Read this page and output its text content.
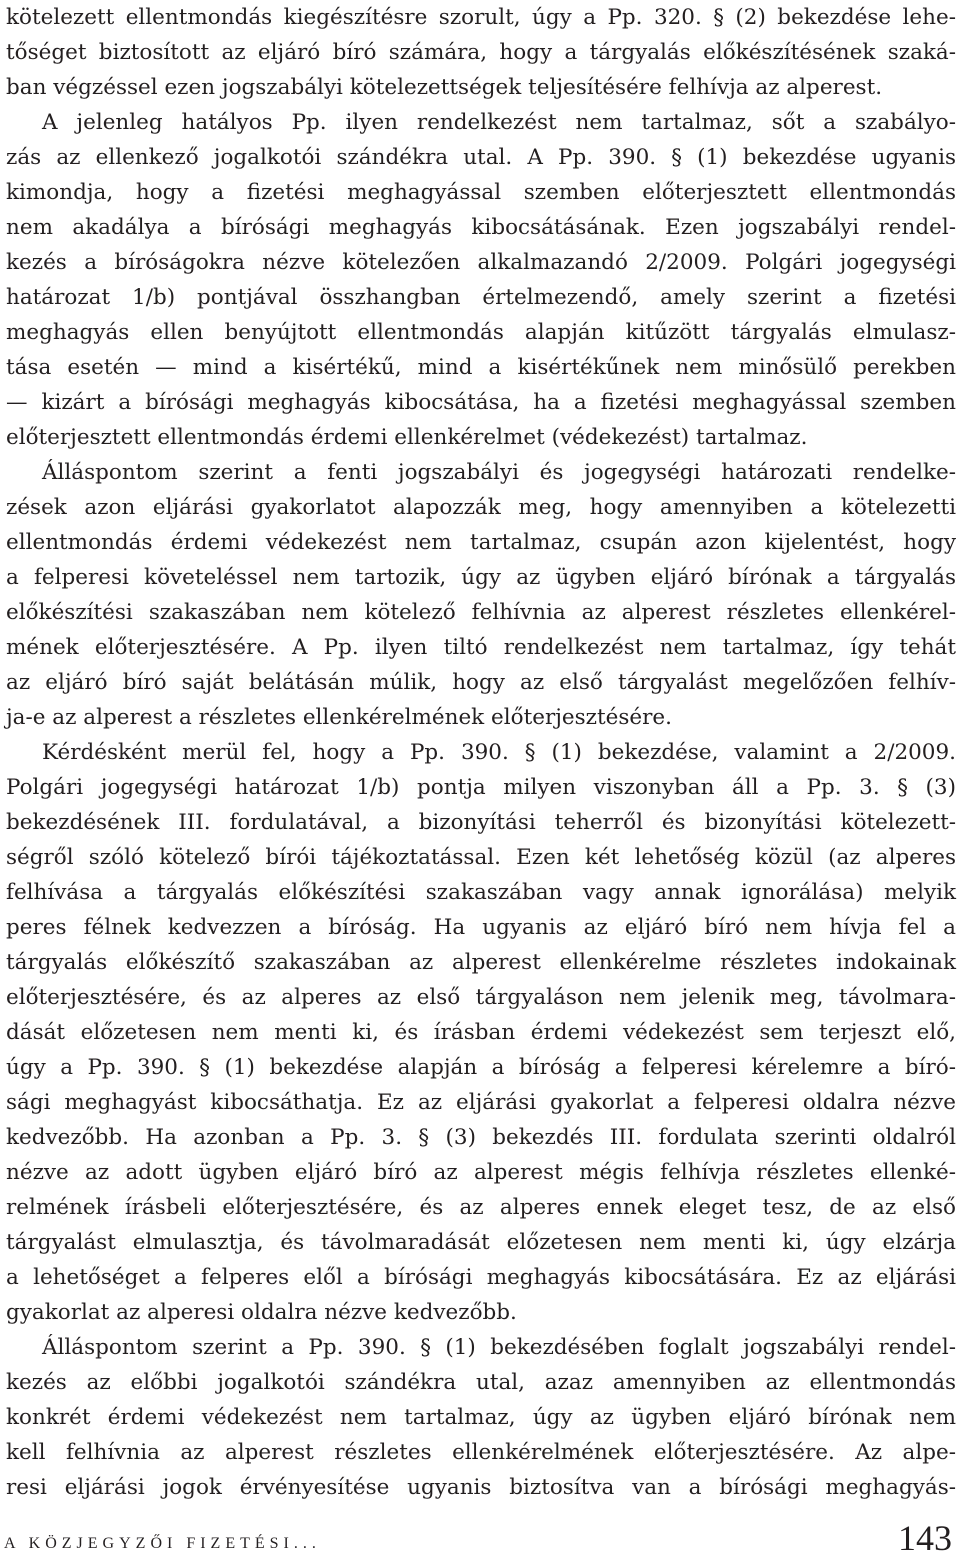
kötelezett ellentmondás kiegészítésre szorult, úgy a Pp. 320. § (2) bekezdése lehe-
tőséget biztosított az eljáró bíró számára, hogy a tárgyalás előkészítésének szaká-
ban végzéssel ezen jogszabályi kötelezettségek teljesítésére felhívja az alperest.
A jelenleg hatályos Pp. ilyen rendelkezést nem tartalmaz, sőt a szabályo-
zás az ellenkező jogalkotói szándékra utal. A Pp. 390. § (1) bekezdése ugyanis
kimondja, hogy a fizetési meghagyással szemben előterjesztett ellentmondás
nem akadálya a bírósági meghagyás kibocsátásának. Ezen jogszabályi rendel-
kezés a bíróságokra nézve kötelezően alkalmazandó 2/2009. Polgári jogegységi
határozat 1/b) pontjával összhangban értelmezendő, amely szerint a fizetési
meghagyás ellen benyújtott ellentmondás alapján kitűzött tárgyalás elmulasz-
tása esetén — mind a kisértékű, mind a kisértékűnek nem minősülő perekben
— kizárt a bírósági meghagyás kibocsátása, ha a fizetési meghagyással szemben
előterjesztett ellentmondás érdemi ellenkérelmet (védekezést) tartalmaz.
Álláspontom szerint a fenti jogszabályi és jogegységi határozati rendelke-
zések azon eljárási gyakorlatot alapozzák meg, hogy amennyiben a kötelezetti
ellentmondás érdemi védekezést nem tartalmaz, csupán azon kijelentést, hogy
a felperesi követeléssel nem tartozik, úgy az ügyben eljáró bírónak a tárgyalás
előkészítési szakaszában nem kötelező felhívnia az alperest részletes ellenkérel-
mének előterjesztésére. A Pp. ilyen tiltó rendelkezést nem tartalmaz, így tehát
az eljáró bíró saját belátásán múlik, hogy az első tárgyalást megelőzően felhív-
ja-e az alperest a részletes ellenkérelmének előterjesztésére.
Kérdésként merül fel, hogy a Pp. 390. § (1) bekezdése, valamint a 2/2009.
Polgári jogegységi határozat 1/b) pontja milyen viszonyban áll a Pp. 3. § (3)
bekezdésének III. fordulatával, a bizonyítási teherről és bizonyítási kötelezett-
ségről szóló kötelező bírói tájékoztatással. Ezen két lehetőség közül (az alperes
felhívása a tárgyalás előkészítési szakaszában vagy annak ignorálása) melyik
peres félnek kedvezzen a bíróság. Ha ugyanis az eljáró bíró nem hívja fel a
tárgyalás előkészítő szakaszában az alperest ellenkérelme részletes indokainak
előterjesztésére, és az alperes az első tárgyaláson nem jelenik meg, távolmara-
dását előzetesen nem menti ki, és írásban érdemi védekezést sem terjeszt elő,
úgy a Pp. 390. § (1) bekezdése alapján a bíróság a felperesi kérelemre a bíró-
sági meghagyást kibocsáthatja. Ez az eljárási gyakorlat a felperesi oldalra nézve
kedvezőbb. Ha azonban a Pp. 3. § (3) bekezdés III. fordulata szerinti oldalról
nézve az adott ügyben eljáró bíró az alperest mégis felhívja részletes ellenké-
relmének írásbeli előterjesztésére, és az alperes ennek eleget tesz, de az első
tárgyalást elmulasztja, és távolmaradását előzetesen nem menti ki, úgy elzárja
a lehetőséget a felperes elől a bírósági meghagyás kibocsátására. Ez az eljárási
gyakorlat az alperesi oldalra nézve kedvezőbb.
Álláspontom szerint a Pp. 390. § (1) bekezdésében foglalt jogszabályi rendel-
kezés az előbbi jogalkotói szándékra utal, azaz amennyiben az ellentmondás
konkrét érdemi védekezést nem tartalmaz, úgy az ügyben eljáró bírónak nem
kell felhívnia az alperest részletes ellenkérelmének előterjesztésére. Az alpe-
resi eljárási jogok érvényesítése ugyanis biztosítva van a bírósági meghagyás-
A KÖZJEGYZŐI FIZETÉSI...	143
